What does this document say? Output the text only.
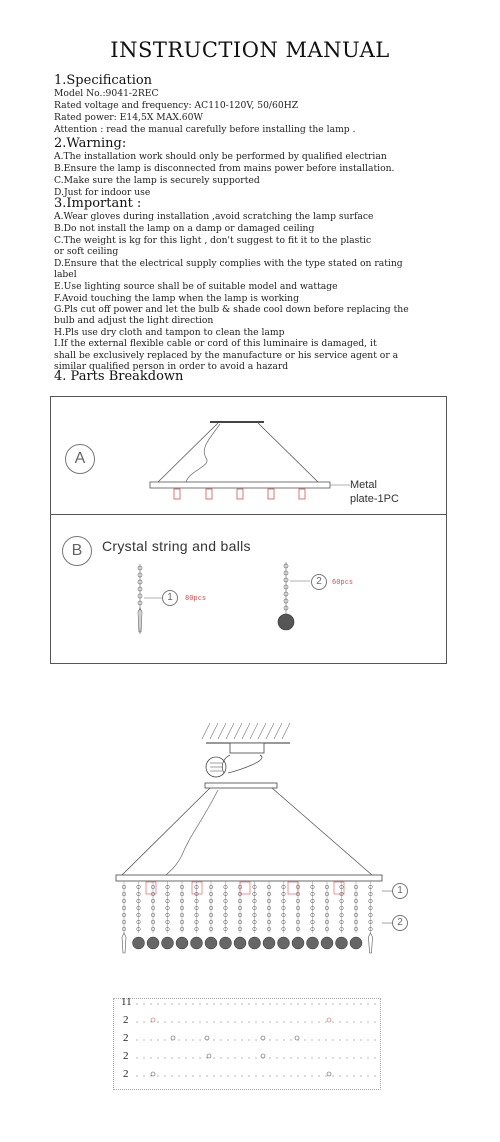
INSTRUCTION MANUAL
1.Specification
Model No.:9041-2REC
Rated voltage and frequency: AC110-120V, 50/60HZ
Rated power: E14,5X MAX.60W
Attention : read the manual carefully before installing the lamp .
2.Warning:
A.The installation work should only be performed by qualified electrian
B.Ensure the lamp is disconnected from mains power before installation.
C.Make sure the lamp is securely supported
D.Just for indoor use
3.Important :
A.Wear gloves during installation ,avoid scratching the lamp surface
B.Do not install the lamp on a damp or damaged ceiling
C.The weight is kg for this light , don't suggest to fit it to the plastic
or soft ceiling
D.Ensure that the electrical supply complies with the type stated on rating
label
E.Use lighting source shall be of suitable model and wattage
F.Avoid touching the lamp when the lamp is working
G.Pls cut off power and let the bulb & shade cool down before replacing the
bulb and adjust the light direction
H.Pls use dry cloth and tampon to clean the lamp
I.If the external flexible cable or cord of this luminaire is damaged, it
shall be exclusively replaced by the manufacture or his service agent or a
similar qualified person in order to avoid a hazard
4. Parts Breakdown
A
Metal
plate-1PC
B	Crystal string and balls
1	80pcs
2	60pcs
1
2
11
2
2
2
2
